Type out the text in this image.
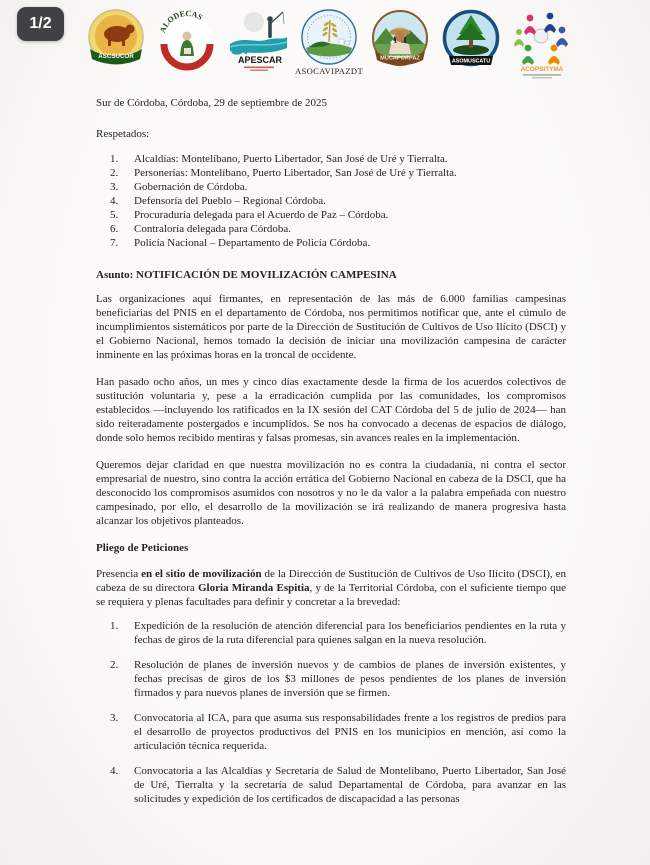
1/2
ASCSUCOR
ALODECAS
APESCAR
ASOCAVIPAZDT
MUCAPORPAZ	ASOMUSCATU
ACOPSITYMA

Sur de Córdoba, Córdoba, 29 de septiembre de 2025

Respetados:

1. Alcaldías: Montelíbano, Puerto Libertador, San José de Uré y Tierralta.
2. Personerías: Montelíbano, Puerto Libertador, San José de Uré y Tierralta.
3. Gobernación de Córdoba.
4. Defensoría del Pueblo – Regional Córdoba.
5. Procuraduría delegada para el Acuerdo de Paz – Córdoba.
6. Contraloría delegada para Córdoba.
7. Policía Nacional – Departamento de Policía Córdoba.

Asunto: NOTIFICACIÓN DE MOVILIZACIÓN CAMPESINA

Las organizaciones aquí firmantes, en representación de las más de 6.000 familias campesinas beneficiarias del PNIS en el departamento de Córdoba, nos permitimos notificar que, ante el cúmulo de incumplimientos sistemáticos por parte de la Dirección de Sustitución de Cultivos de Uso Ilícito (DSCI) y el Gobierno Nacional, hemos tomado la decisión de iniciar una movilización campesina de carácter inminente en las próximas horas en la troncal de occidente.

Han pasado ocho años, un mes y cinco días exactamente desde la firma de los acuerdos colectivos de sustitución voluntaria y, pese a la erradicación cumplida por las comunidades, los compromisos establecidos —incluyendo los ratificados en la IX sesión del CAT Córdoba del 5 de julio de 2024— han sido reiteradamente postergados e incumplidos. Se nos ha convocado a decenas de espacios de diálogo, donde solo hemos recibido mentiras y falsas promesas, sin avances reales en la implementación.

Queremos dejar claridad en que nuestra movilización no es contra la ciudadanía, ni contra el sector empresarial de nuestro, sino contra la acción errática del Gobierno Nacional en cabeza de la DSCI, que ha desconocido los compromisos asumidos con nosotros y no le da valor a la palabra empeñada con nuestro campesinado, por ello, el desarrollo de la movilización se irá realizando de manera progresiva hasta alcanzar los objetivos planteados.

Pliego de Peticiones

Presencia en el sitio de movilización de la Dirección de Sustitución de Cultivos de Uso Ilícito (DSCI), en cabeza de su directora Gloria Miranda Espitia, y de la Territorial Córdoba, con el suficiente tiempo que se requiera y plenas facultades para definir y concretar a la brevedad:

1. Expedición de la resolución de atención diferencial para los beneficiarios pendientes en la ruta y fechas de giros de la ruta diferencial para quienes salgan en la nueva resolución.
2. Resolución de planes de inversión nuevos y de cambios de planes de inversión existentes, y fechas precisas de giros de los $3 millones de pesos pendientes de los planes de inversión firmados y para nuevos planes de inversión que se firmen.
3. Convocatoria al ICA, para que asuma sus responsabilidades frente a los registros de predios para el desarrollo de proyectos productivos del PNIS en los municipios en mención, así como la articulación técnica requerida.
4. Convocatoria a las Alcaldías y Secretaría de Salud de Montelíbano, Puerto Libertador, San José de Uré, Tierralta y la secretaría de salud Departamental de Córdoba, para avanzar en las solicitudes y expedición de los certificados de discapacidad a las personas
